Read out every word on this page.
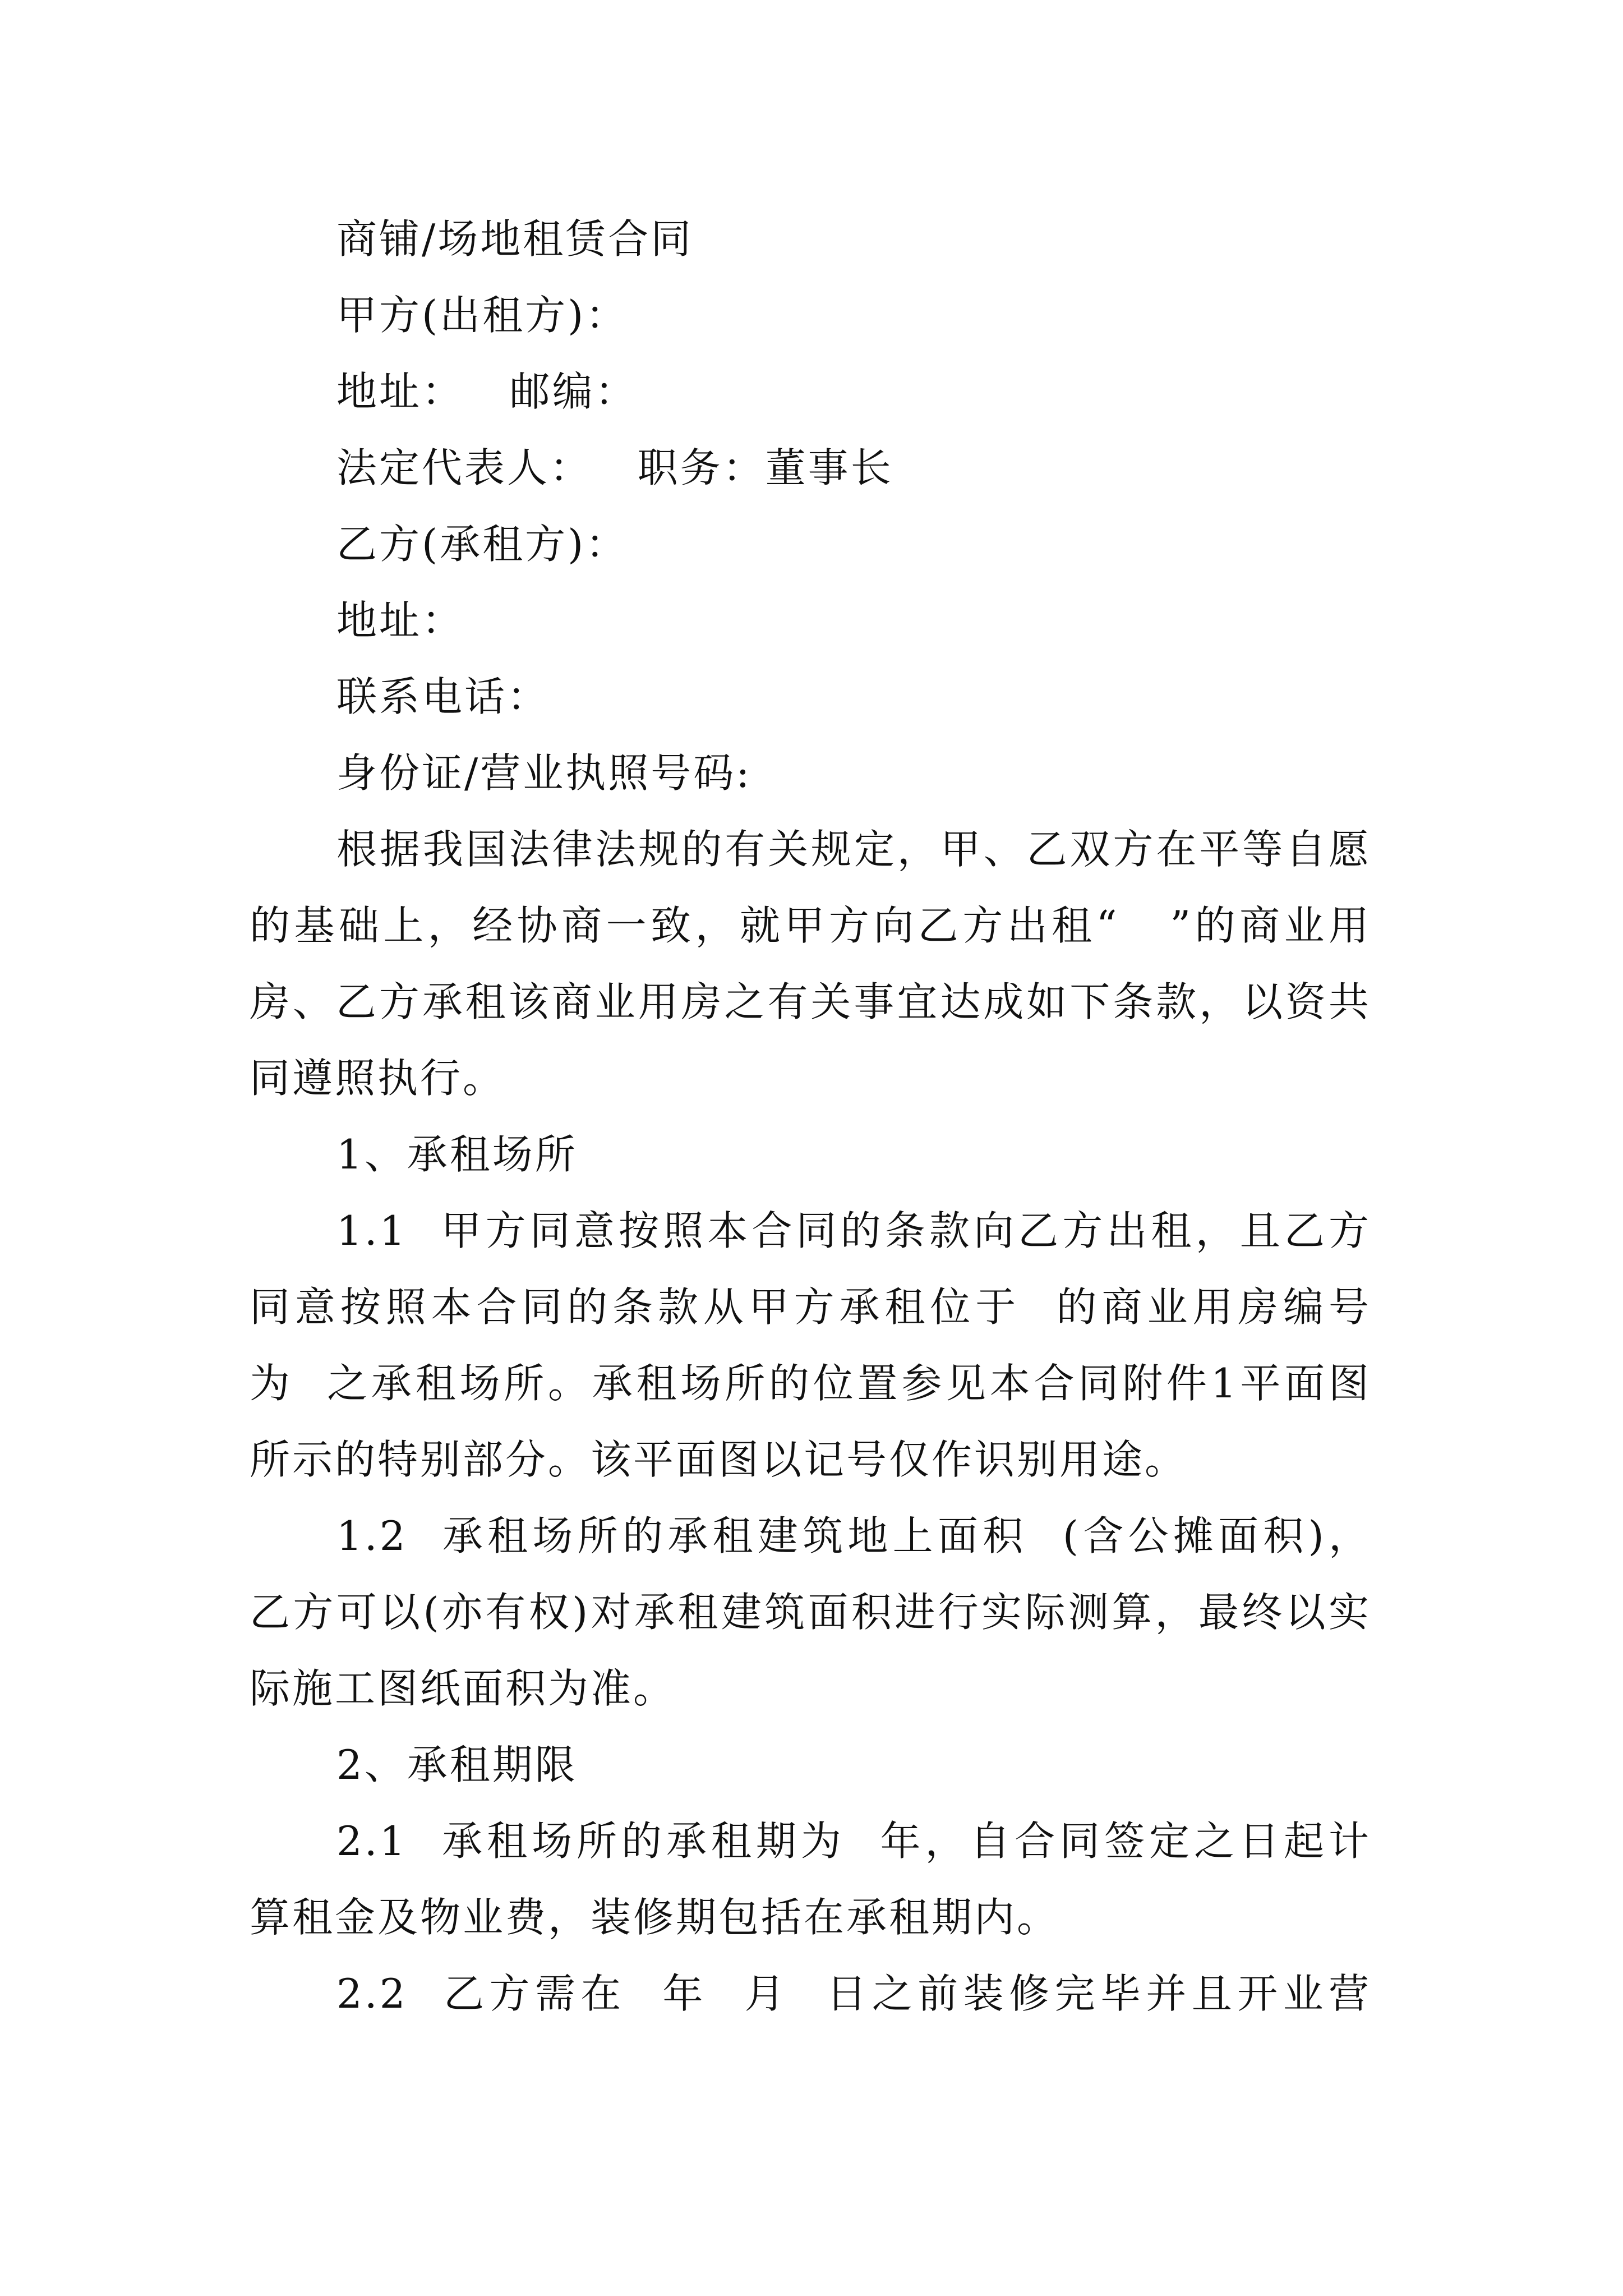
商铺/场地租赁合同
甲方(出租方)：
地址：   邮编：
法定代表人：   职务：董事长
乙方(承租方)：
地址：
联系电话：
身份证/营业执照号码:
根据我国法律法规的有关规定，甲、乙双方在平等自愿
的基础上，经协商一致，就甲方向乙方出租“   ”的商业用
房、乙方承租该商业用房之有关事宜达成如下条款，以资共
同遵照执行。
1、承租场所
1.1  甲方同意按照本合同的条款向乙方出租，且乙方
同意按照本合同的条款从甲方承租位于  的商业用房编号
为  之承租场所。承租场所的位置参见本合同附件1平面图
所示的特别部分。该平面图以记号仅作识别用途。
1.2  承租场所的承租建筑地上面积  (含公摊面积)，
乙方可以(亦有权)对承租建筑面积进行实际测算，最终以实
际施工图纸面积为准。
2、承租期限
2.1  承租场所的承租期为  年，自合同签定之日起计
算租金及物业费，装修期包括在承租期内。
2.2  乙方需在  年  月  日之前装修完毕并且开业营
